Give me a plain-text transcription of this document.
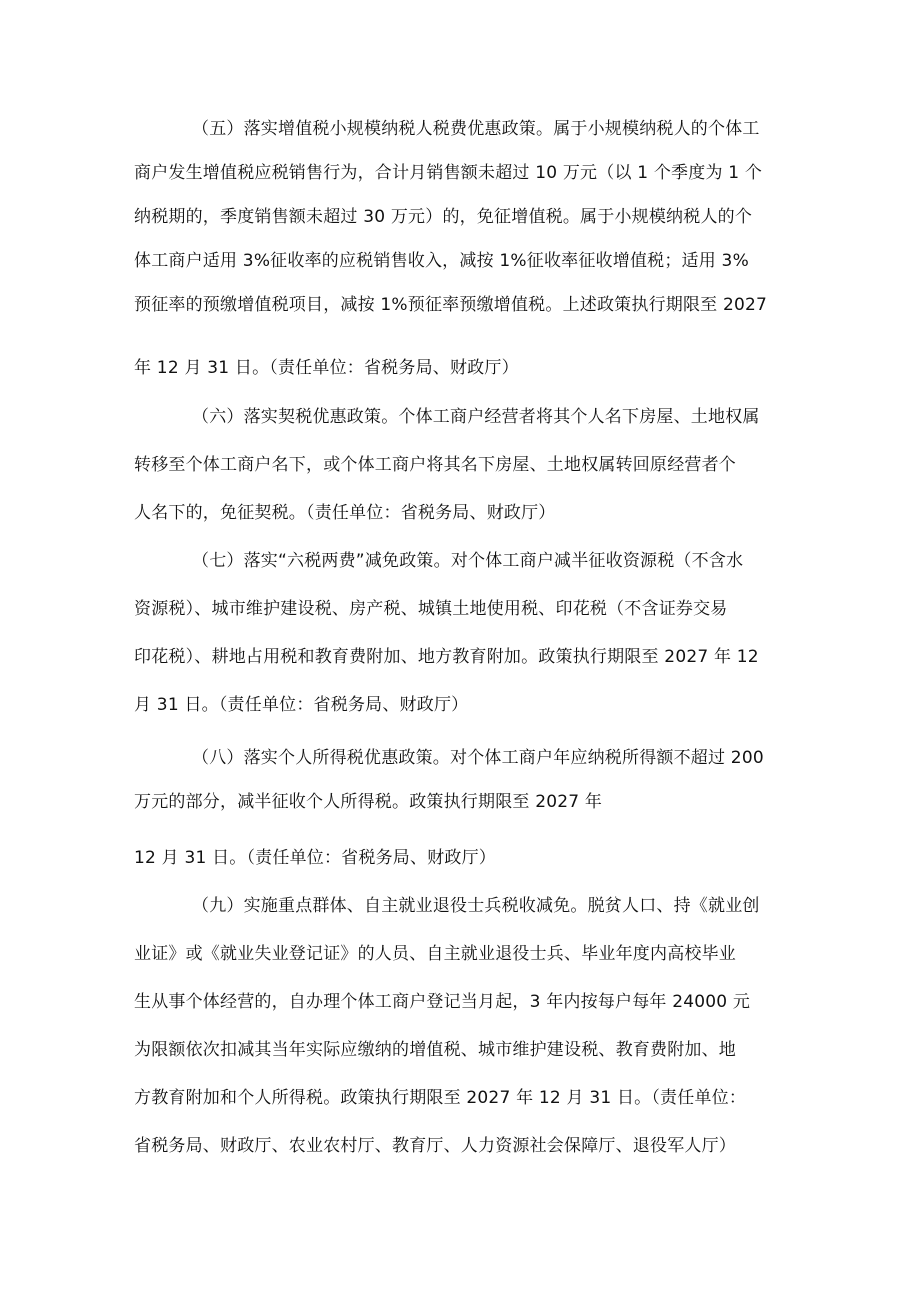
（五）落实增值税小规模纳税人税费优惠政策。属于小规模纳税人的个体工
商户发生增值税应税销售行为，合计月销售额未超过 10 万元（以 1 个季度为 1 个
纳税期的，季度销售额未超过 30 万元）的，免征增值税。属于小规模纳税人的个
体工商户适用 3%征收率的应税销售收入，减按 1%征收率征收增值税；适用 3%
预征率的预缴增值税项目，减按 1%预征率预缴增值税。上述政策执行期限至 2027
年 12 月 31 日。（责任单位：省税务局、财政厅）
（六）落实契税优惠政策。个体工商户经营者将其个人名下房屋、土地权属
转移至个体工商户名下，或个体工商户将其名下房屋、土地权属转回原经营者个
人名下的，免征契税。（责任单位：省税务局、财政厅）
（七）落实“六税两费”减免政策。对个体工商户减半征收资源税（不含水
资源税）、城市维护建设税、房产税、城镇土地使用税、印花税（不含证券交易
印花税）、耕地占用税和教育费附加、地方教育附加。政策执行期限至 2027 年 12
月 31 日。（责任单位：省税务局、财政厅）
（八）落实个人所得税优惠政策。对个体工商户年应纳税所得额不超过 200
万元的部分，减半征收个人所得税。政策执行期限至 2027 年
12 月 31 日。（责任单位：省税务局、财政厅）
（九）实施重点群体、自主就业退役士兵税收减免。脱贫人口、持《就业创
业证》或《就业失业登记证》的人员、自主就业退役士兵、毕业年度内高校毕业
生从事个体经营的，自办理个体工商户登记当月起，3 年内按每户每年 24000 元
为限额依次扣减其当年实际应缴纳的增值税、城市维护建设税、教育费附加、地
方教育附加和个人所得税。政策执行期限至 2027 年 12 月 31 日。（责任单位：
省税务局、财政厅、农业农村厅、教育厅、人力资源社会保障厅、退役军人厅）
